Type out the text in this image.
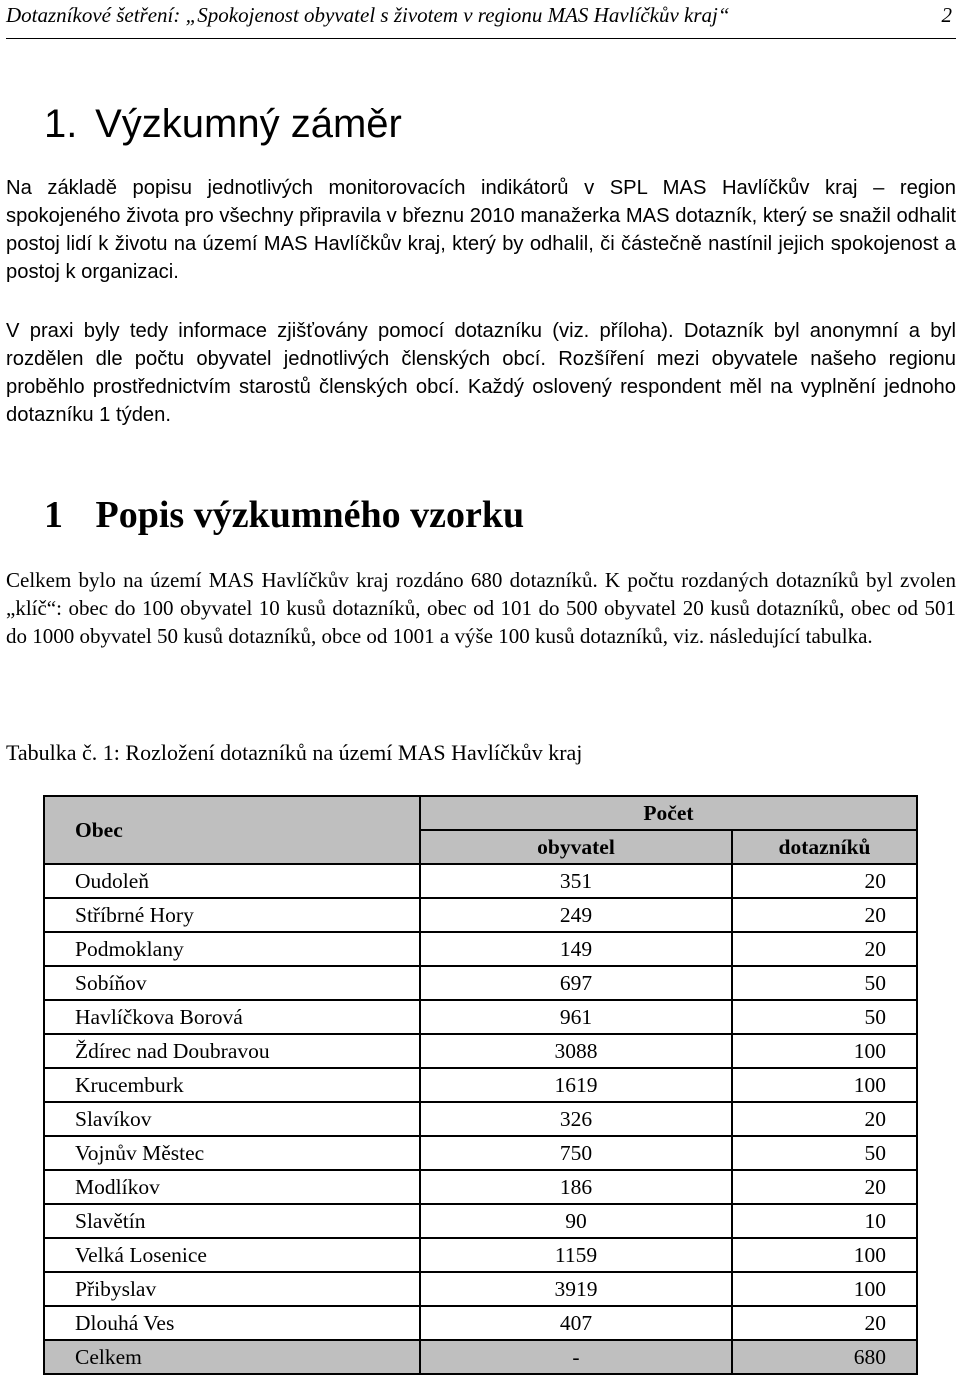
Dotazníkové šetření: „Spokojenost obyvatel s životem v regionu MAS Havlíčkův kraj“	2
1. Výzkumný záměr

Na základě popisu jednotlivých monitorovacích indikátorů v SPL MAS Havlíčkův kraj – region spokojeného života pro všechny připravila v březnu 2010 manažerka MAS dotazník, který se snažil odhalit postoj lidí k životu na území MAS Havlíčkův kraj, který by odhalil, či částečně nastínil jejich spokojenost a postoj k organizaci.

V praxi byly tedy informace zjišťovány pomocí dotazníku (viz. příloha). Dotazník byl anonymní a byl rozdělen dle počtu obyvatel jednotlivých členských obcí. Rozšíření mezi obyvatele našeho regionu proběhlo prostřednictvím starostů členských obcí. Každý oslovený respondent měl na vyplnění jednoho dotazníku 1 týden.

1 Popis výzkumného vzorku

Celkem bylo na území MAS Havlíčkův kraj rozdáno 680 dotazníků. K počtu rozdaných dotazníků byl zvolen „klíč“: obec do 100 obyvatel 10 kusů dotazníků, obec od 101 do 500 obyvatel 20 kusů dotazníků, obec od 501 do 1000 obyvatel 50 kusů dotazníků, obce od 1001 a výše 100 kusů dotazníků, viz. následující tabulka.

Tabulka č. 1: Rozložení dotazníků na území MAS Havlíčkův kraj

Obec	Počet	
	obyvatel	dotazníků
Oudoleň	351	20
Stříbrné Hory	249	20
Podmoklany	149	20
Sobíňov	697	50
Havlíčkova Borová	961	50
Ždírec nad Doubravou	3088	100
Krucemburk	1619	100
Slavíkov	326	20
Vojnův Městec	750	50
Modlíkov	186	20
Slavětín	90	10
Velká Losenice	1159	100
Přibyslav	3919	100
Dlouhá Ves	407	20
Celkem	-	680
